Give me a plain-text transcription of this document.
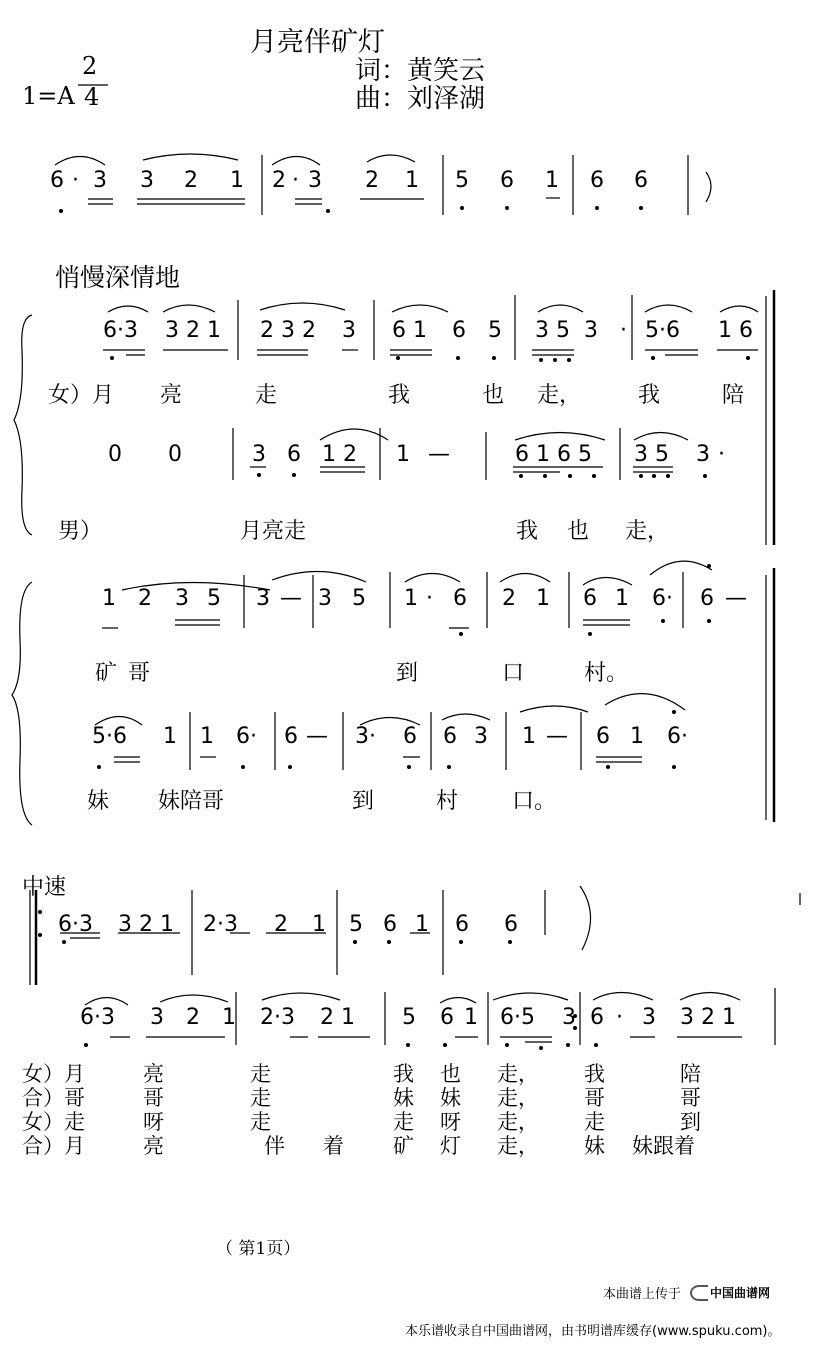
月亮伴矿灯
词：黄笑云
曲：刘泽湖
1=A
2
4
6 · 3 3 2 1 2 · 3 2 1 5 6 1 6 6
悄慢深情地
6·3 3 2 1 2 3 2 3 6 1 6 5 3 5 3 · 5·6 1 6
女）月 亮	走	我	也 走，	我	陪
0 0	3 6 1 2 1 —	6 1 6 5 3 5 3 ·
男）	月亮走	我 也 走，
1 2 3 5 3 — 3 5 1 · 6 2 1 6 1 6· 6 —
矿 哥	到	口	村。
5·6 1 1 6· 6 — 3· 6 6 3 1 — 6 1 6·
妹 妹陪哥	到	村 口。
中速
6·3 3 2 1 2·3 2 1 5 6 1 6 6
6·3 3 2 1 2·3 2 1 5 6 1 6·5 3 6 · 3 3 2 1
女）月	亮	走	我 也 走， 我	陪
合）哥	哥	走	妹 妹 走， 哥	哥
女）走	呀	走	走 呀 走， 走	到
合）月	亮	伴 着 矿 灯 走， 妹 妹跟着
（ 第1页）
本曲谱上传于	中国曲谱网
本乐谱收录自中国曲谱网，由书明谱库缓存(www.spuku.com)。
